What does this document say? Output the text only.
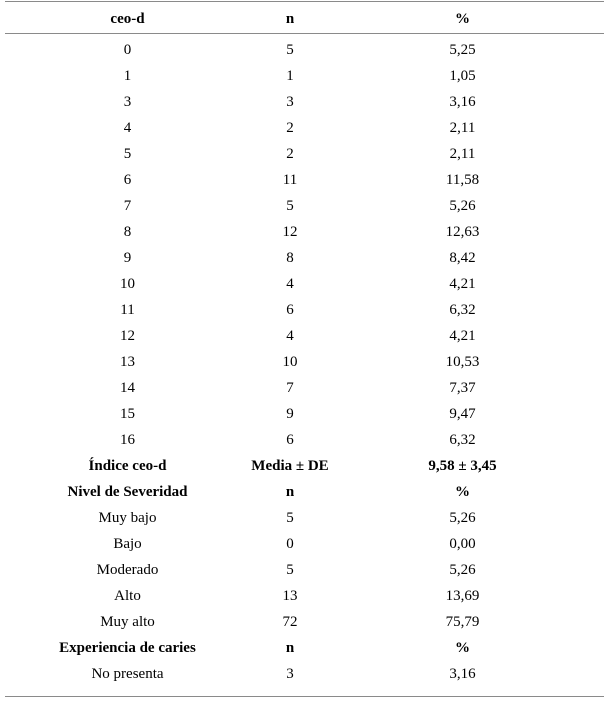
ceo-d	n	%
0	5	5,25
1	1	1,05
3	3	3,16
4	2	2,11
5	2	2,11
6	11	11,58
7	5	5,26
8	12	12,63
9	8	8,42
10	4	4,21
11	6	6,32
12	4	4,21
13	10	10,53
14	7	7,37
15	9	9,47
16	6	6,32
Índice ceo-d	Media ± DE	9,58 ± 3,45
Nivel de Severidad	n	%
Muy bajo	5	5,26
Bajo	0	0,00
Moderado	5	5,26
Alto	13	13,69
Muy alto	72	75,79
Experiencia de caries	n	%
No presenta	3	3,16
